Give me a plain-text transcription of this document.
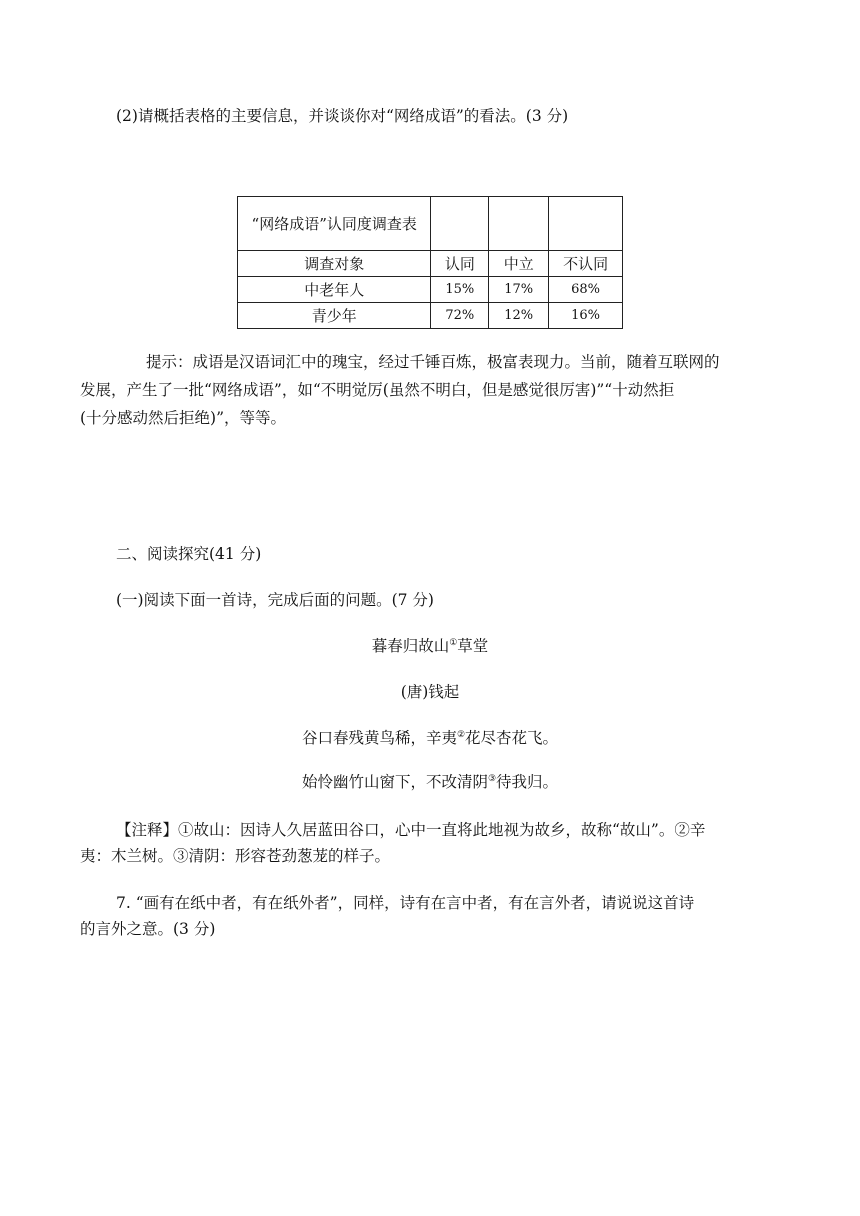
(2)请概括表格的主要信息，并谈谈你对“网络成语”的看法。(3 分)
“网络成语”认同度调查表			
调查对象	认同	中立	不认同
中老年人	15%	17%	68%
青少年	72%	12%	16%
提示：成语是汉语词汇中的瑰宝，经过千锤百炼，极富表现力。当前，随着互联网的
发展，产生了一批“网络成语”，如“不明觉厉(虽然不明白，但是感觉很厉害)”“十动然拒
(十分感动然后拒绝)”，等等。
二、阅读探究(41 分)
(一)阅读下面一首诗，完成后面的问题。(7 分)
暮春归故山①草堂
(唐)钱起
谷口春残黄鸟稀，辛夷②花尽杏花飞。
始怜幽竹山窗下，不改清阴③待我归。
【注释】①故山：因诗人久居蓝田谷口，心中一直将此地视为故乡，故称“故山”。②辛
夷：木兰树。③清阴：形容苍劲葱茏的样子。
7. “画有在纸中者，有在纸外者”，同样，诗有在言中者，有在言外者，请说说这首诗
的言外之意。(3 分)
